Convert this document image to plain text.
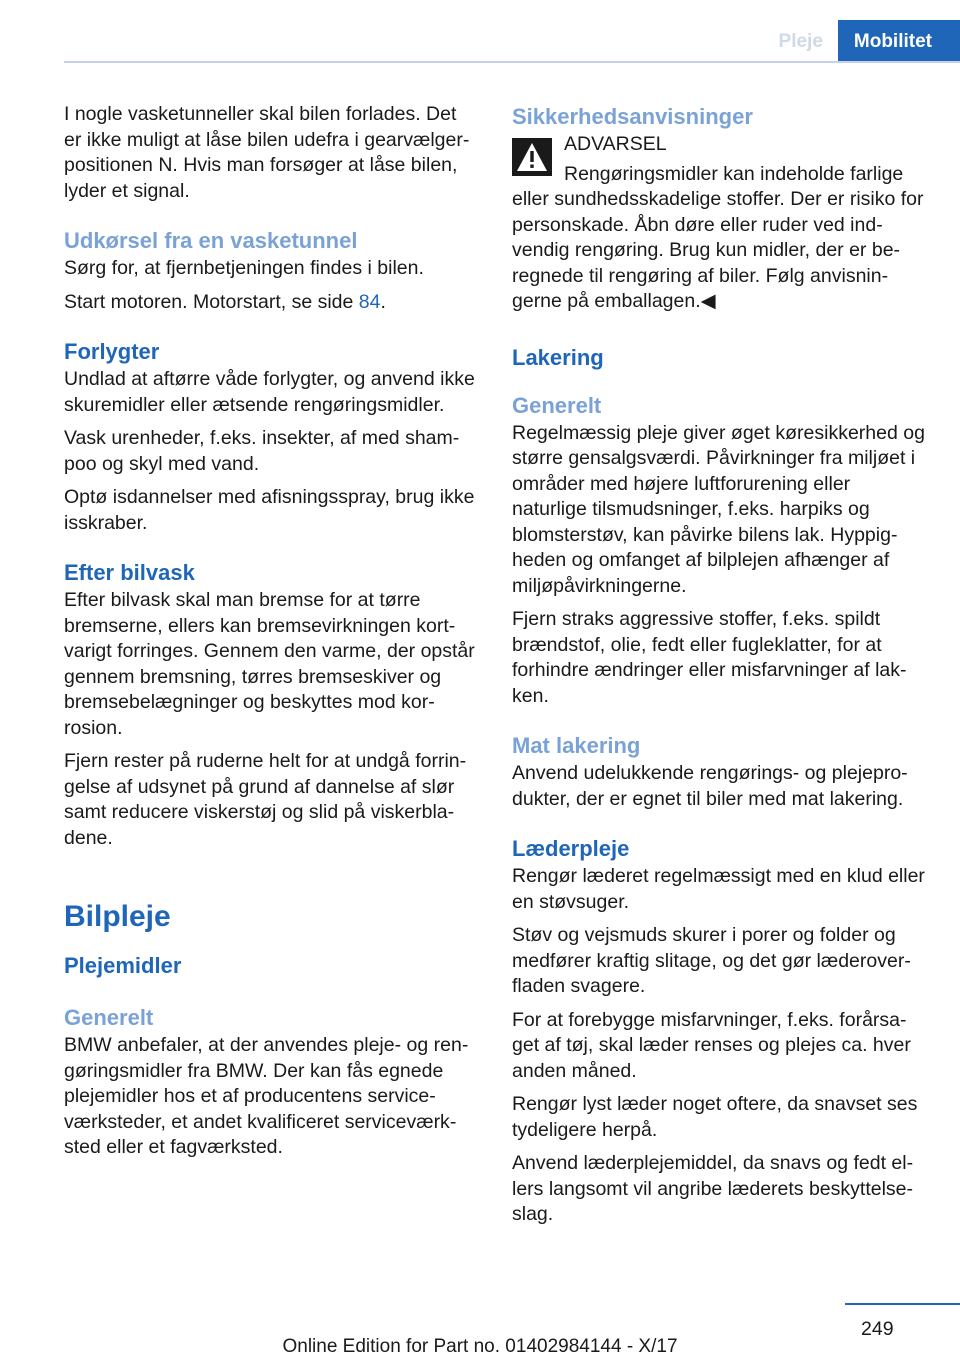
Pleje	Mobilitet

I nogle vasketunneller skal bilen forlades. Det er ikke muligt at låse bilen udefra i gearvælgerpositionen N. Hvis man forsøger at låse bilen, lyder et signal.

Udkørsel fra en vasketunnel

Sørg for, at fjernbetjeningen findes i bilen.

Start motoren. Motorstart, se side 84.

Forlygter

Undlad at aftørre våde forlygter, og anvend ikke skuremidler eller ætsende rengøringsmidler.

Vask urenheder, f.eks. insekter, af med shampoo og skyl med vand.

Optø isdannelser med afisningsspray, brug ikke isskraber.

Efter bilvask

Efter bilvask skal man bremse for at tørre bremserne, ellers kan bremsevirkningen kortvarigt forringes. Gennem den varme, der opstår gennem bremsning, tørres bremseskiver og bremsebelægninger og beskyttes mod korrosion.

Fjern rester på ruderne helt for at undgå forringelse af udsynet på grund af dannelse af slør samt reducere viskerstøj og slid på viskerbladene.

Bilpleje
Plejemidler
Generelt

BMW anbefaler, at der anvendes pleje- og rengøringsmidler fra BMW. Der kan fås egnede plejemidler hos et af producentens serviceværksteder, et andet kvalificeret serviceværksted eller et fagværksted.

Sikkerhedsanvisninger

ADVARSEL

Rengøringsmidler kan indeholde farlige

eller sundhedsskadelige stoffer. Der er risiko for personskade. Åbn døre eller ruder ved indvendig rengøring. Brug kun midler, der er beregnede til rengøring af biler. Følg anvisningerne på emballagen.◀

Lakering
Generelt

Regelmæssig pleje giver øget køresikkerhed og større gensalgsværdi. Påvirkninger fra miljøet i områder med højere luftforurening eller naturlige tilsmudsninger, f.eks. harpiks og blomsterstøv, kan påvirke bilens lak. Hyppigheden og omfanget af bilplejen afhænger af miljøpåvirkningerne.

Fjern straks aggressive stoffer, f.eks. spildt brændstof, olie, fedt eller fugleklatter, for at forhindre ændringer eller misfarvninger af lakken.

Mat lakering

Anvend udelukkende rengørings- og plejeprodukter, der er egnet til biler med mat lakering.

Læderpleje

Rengør læderet regelmæssigt med en klud eller en støvsuger.

Støv og vejsmuds skurer i porer og folder og medfører kraftig slitage, og det gør læderoverfladen svagere.

For at forebygge misfarvninger, f.eks. forårsaget af tøj, skal læder renses og plejes ca. hver anden måned.

Rengør lyst læder noget oftere, da snavset ses tydeligere herpå.

Anvend læderplejemiddel, da snavs og fedt ellers langsomt vil angribe læderets beskyttelseslag.

249
Online Edition for Part no. 01402984144 - X/17
